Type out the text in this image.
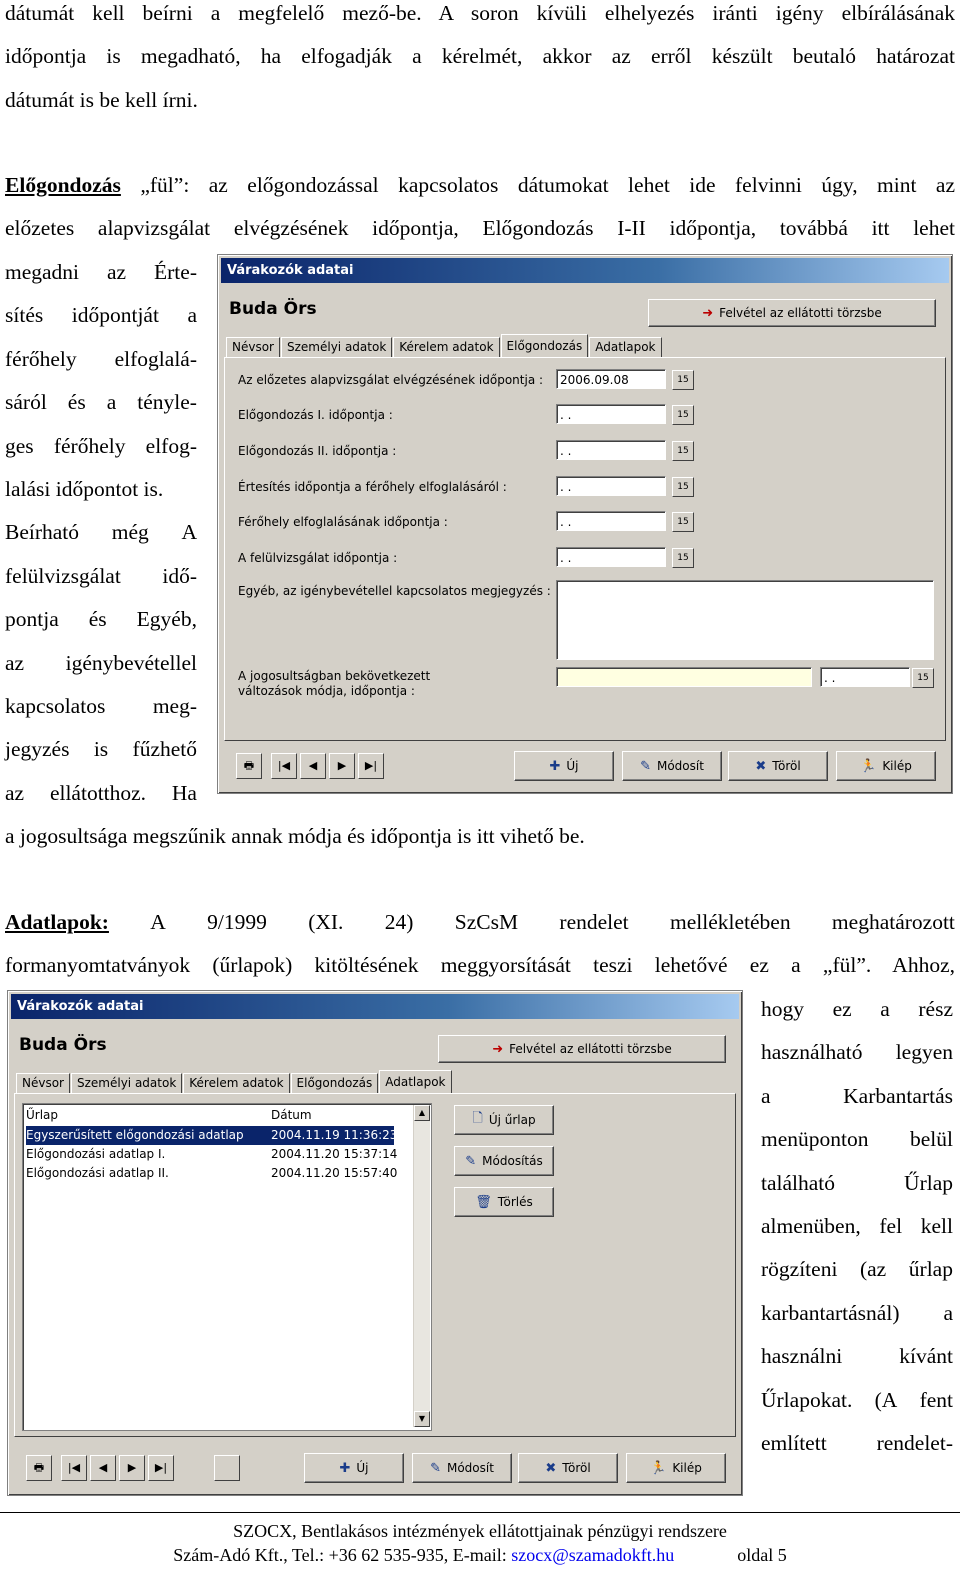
dátumát kell beírni a megfelelő mező-be. A soron kívüli elhelyezés iránti igény elbírálásának
időpontja is megadható, ha elfogadják a kérelmét, akkor az erről készült beutaló határozat
dátumát is be kell írni.
Előgondozás „fül”: az előgondozással kapcsolatos dátumokat lehet ide felvinni úgy, mint az
előzetes alapvizsgálat elvégzésének időpontja, Előgondozás I-II időpontja, továbbá itt lehet
megadni az Érte-
sítés időpontját a
férőhely elfoglalá-
sáról és a tényle-
ges férőhely elfog-
lalási időpontot is.
Beírható még A
felülvizsgálat idő-
pontja és Egyéb,
az igénybevétellel
kapcsolatos meg-
jegyzés is fűzhető
az ellátotthoz. Ha
a jogosultsága megszűnik annak módja és időpontja is itt vihető be.
Várakozók adatai
Buda Örs	➜ Felvétel az ellátotti törzsbe
Névsor	Személyi adatok	Kérelem adatok	Előgondozás	Adatlapok
Az előzetes alapvizsgálat elvégzésének időpontja :	2006.09.08	15
Előgondozás I. időpontja :	. .	15
Előgondozás II. időpontja :	. .	15
Értesítés időpontja a férőhely elfoglalásáról :	. .	15
Férőhely elfoglalásának időpontja :	. .	15
A felülvizsgálat időpontja :	. .	15
Egyéb, az igénybevétellel kapcsolatos megjegyzés :
A jogosultságban bekövetkezett
változások módja, időpontja :
. .	15
🖶	|◀	◀	▶	▶|	✚ Új	✎ Módosít	✖ Töröl	🏃 Kilép
Adatlapok: A 9/1999 (XI. 24) SzCsM rendelet mellékletében meghatározott
formanyomtatványok (űrlapok) kitöltésének meggyorsítását teszi lehetővé ez a „fül”. Ahhoz,
hogy ez a rész
használható legyen
a	Karbantartás
menüponton belül
található	Űrlap
almenüben, fel kell
rögzíteni (az űrlap
karbantartásnál) a
használni	kívánt
Űrlapokat. (A fent
említett rendelet-
Várakozók adatai
Buda Örs	➜ Felvétel az ellátotti törzsbe
Névsor	Személyi adatok	Kérelem adatok	Előgondozás	Adatlapok
Űrlap	Dátum
Egyszerűsített előgondozási adatlap 2004.11.19 11:36:23
Előgondozási adatlap I.	2004.11.20 15:37:14
Előgondozási adatlap II.	2004.11.20 15:57:40
▲
▼
🗋 Új űrlap
✎ Módosítás
🗑 Törlés
🖶	|◀	◀	▶	▶|	✚ Új	✎ Módosít	✖ Töröl	🏃 Kilép
SZOCX, Bentlakásos intézmények ellátottjainak pénzügyi rendszere
Szám-Adó Kft., Tel.: +36 62 535-935, E-mail: szocx@szamadokft.hu	oldal 5
